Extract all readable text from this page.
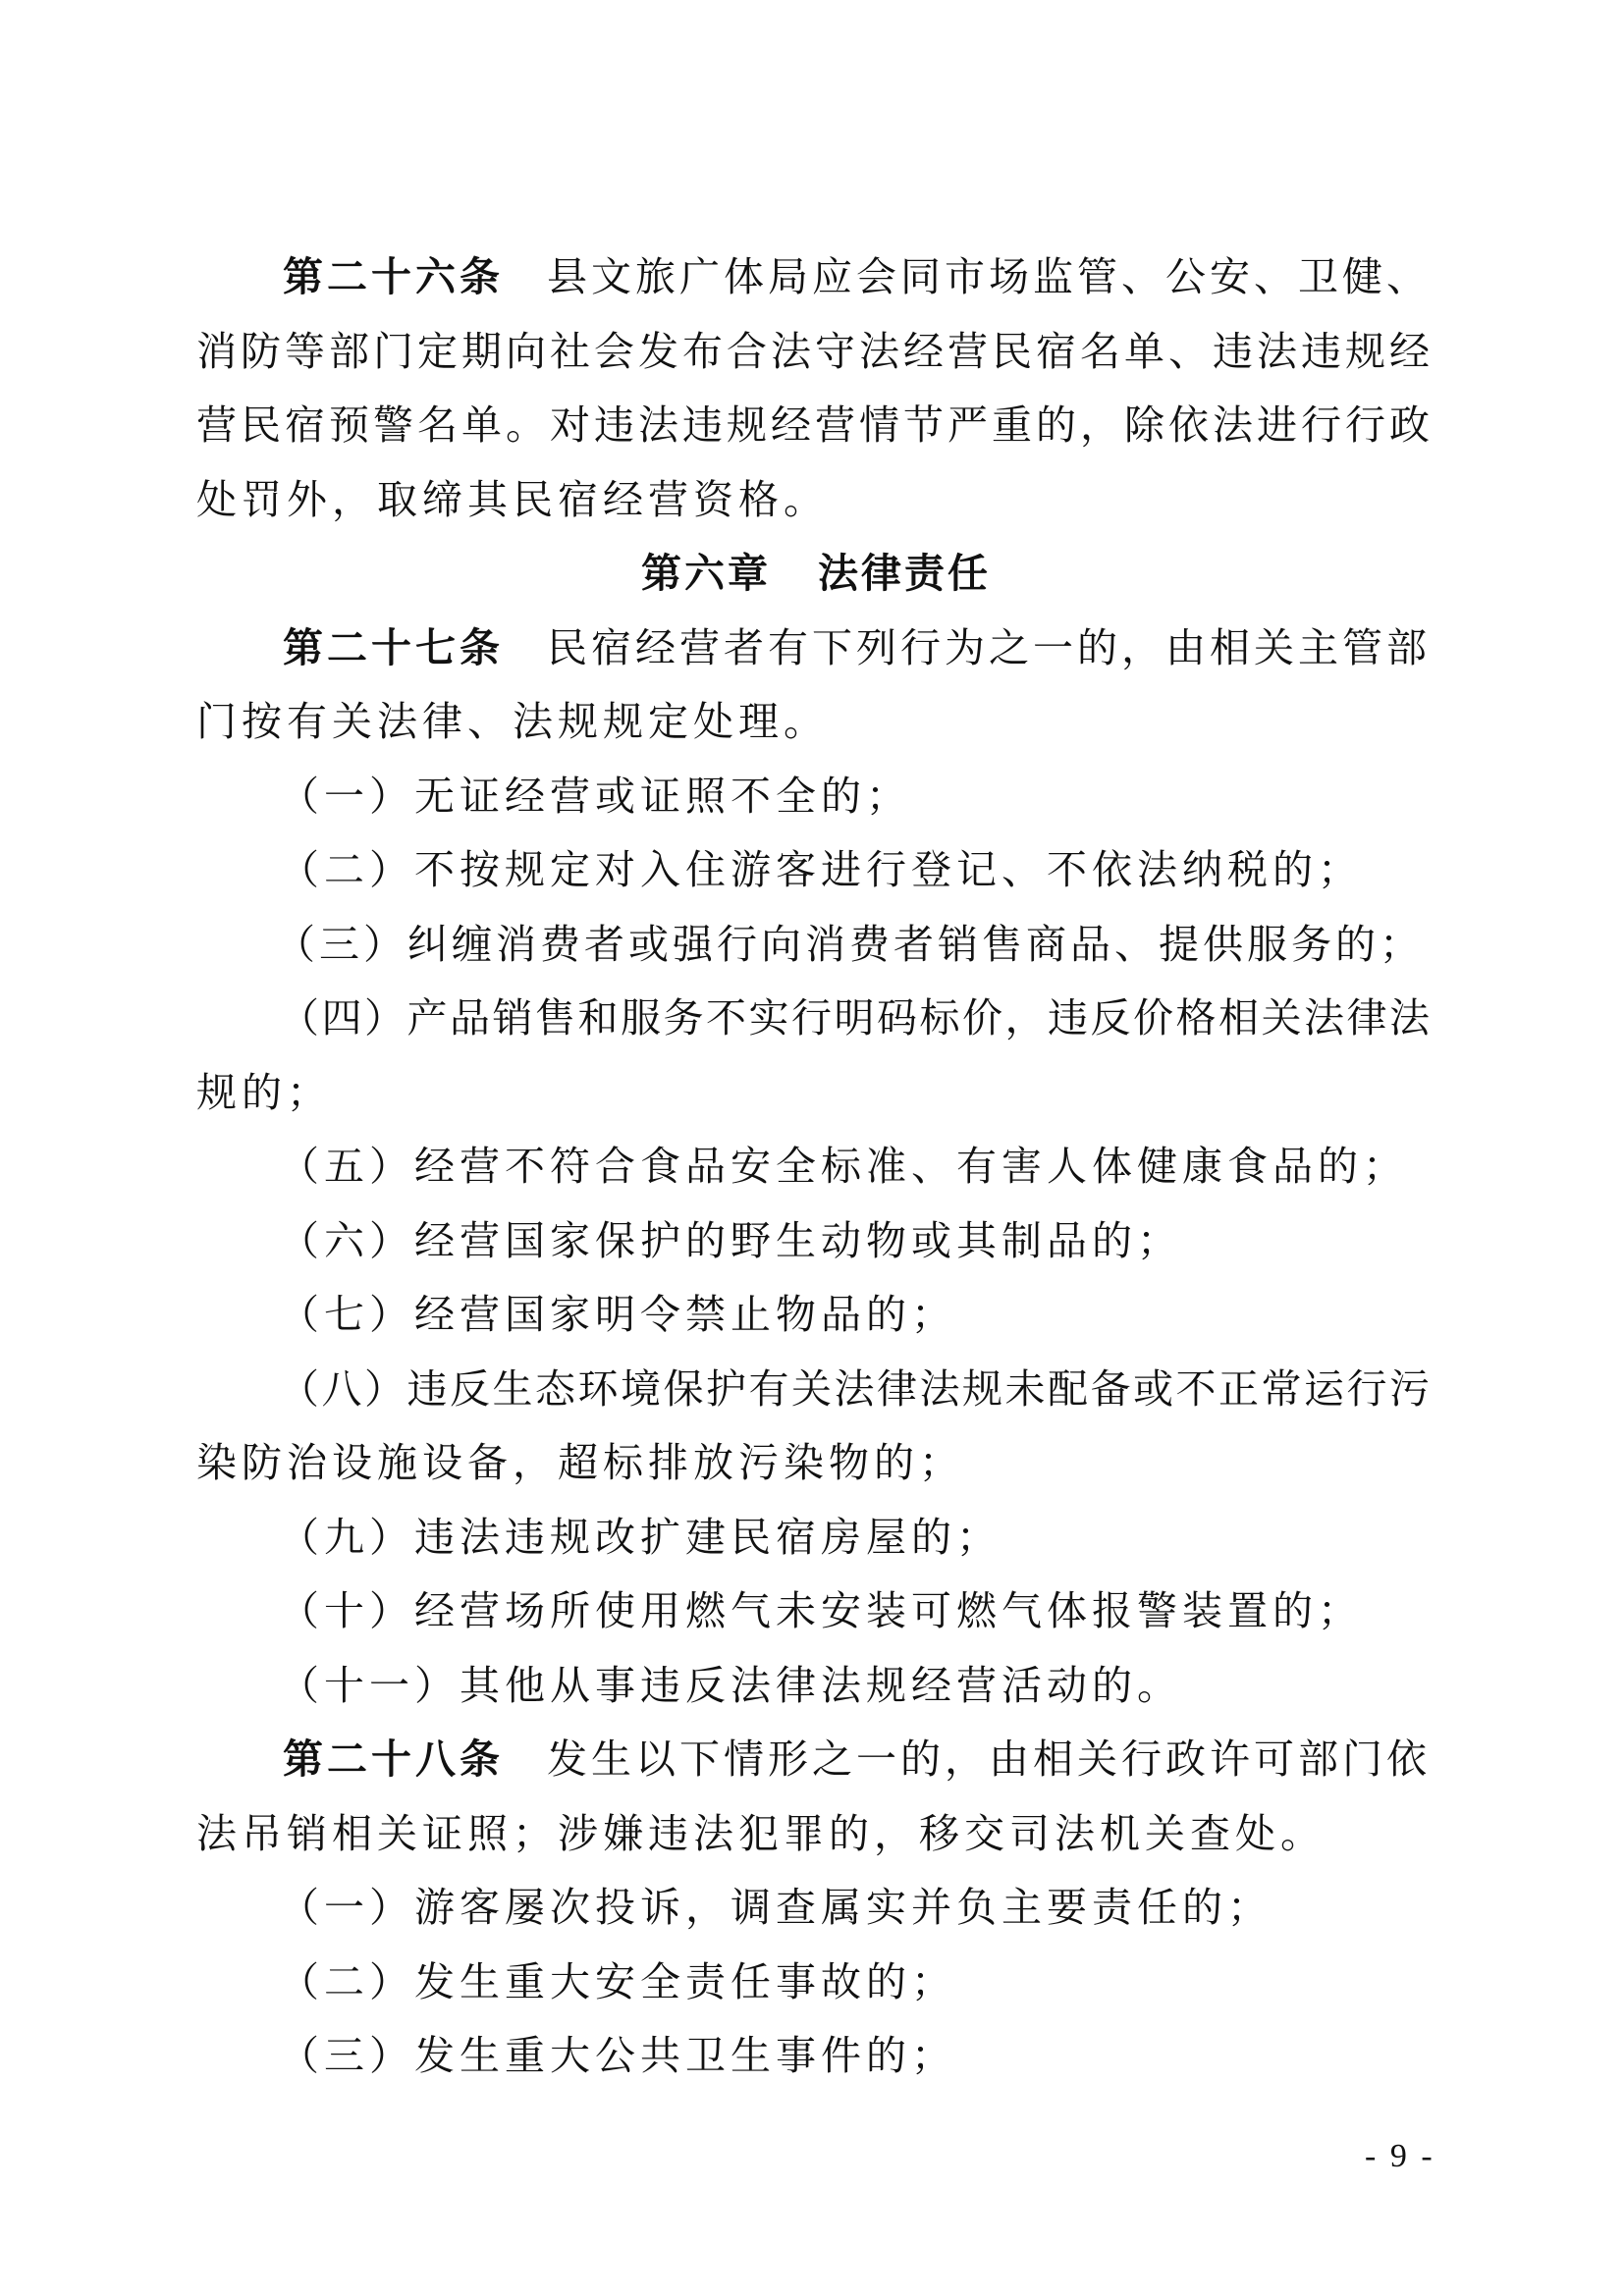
第二十六条 县文旅广体局应会同市场监管、公安、卫健、
消防等部门定期向社会发布合法守法经营民宿名单、违法违规经
营民宿预警名单。对违法违规经营情节严重的，除依法进行行政
处罚外，取缔其民宿经营资格。
第六章 法律责任
第二十七条 民宿经营者有下列行为之一的，由相关主管部
门按有关法律、法规规定处理。
（一）无证经营或证照不全的；
（二）不按规定对入住游客进行登记、不依法纳税的；
（三）纠缠消费者或强行向消费者销售商品、提供服务的；
（四）产品销售和服务不实行明码标价，违反价格相关法律法
规的；
（五）经营不符合食品安全标准、有害人体健康食品的；
（六）经营国家保护的野生动物或其制品的；
（七）经营国家明令禁止物品的；
（八）违反生态环境保护有关法律法规未配备或不正常运行污
染防治设施设备，超标排放污染物的；
（九）违法违规改扩建民宿房屋的；
（十）经营场所使用燃气未安装可燃气体报警装置的；
（十一）其他从事违反法律法规经营活动的。
第二十八条 发生以下情形之一的，由相关行政许可部门依
法吊销相关证照；涉嫌违法犯罪的，移交司法机关查处。
（一）游客屡次投诉，调查属实并负主要责任的；
（二）发生重大安全责任事故的；
（三）发生重大公共卫生事件的；
- 9 -
